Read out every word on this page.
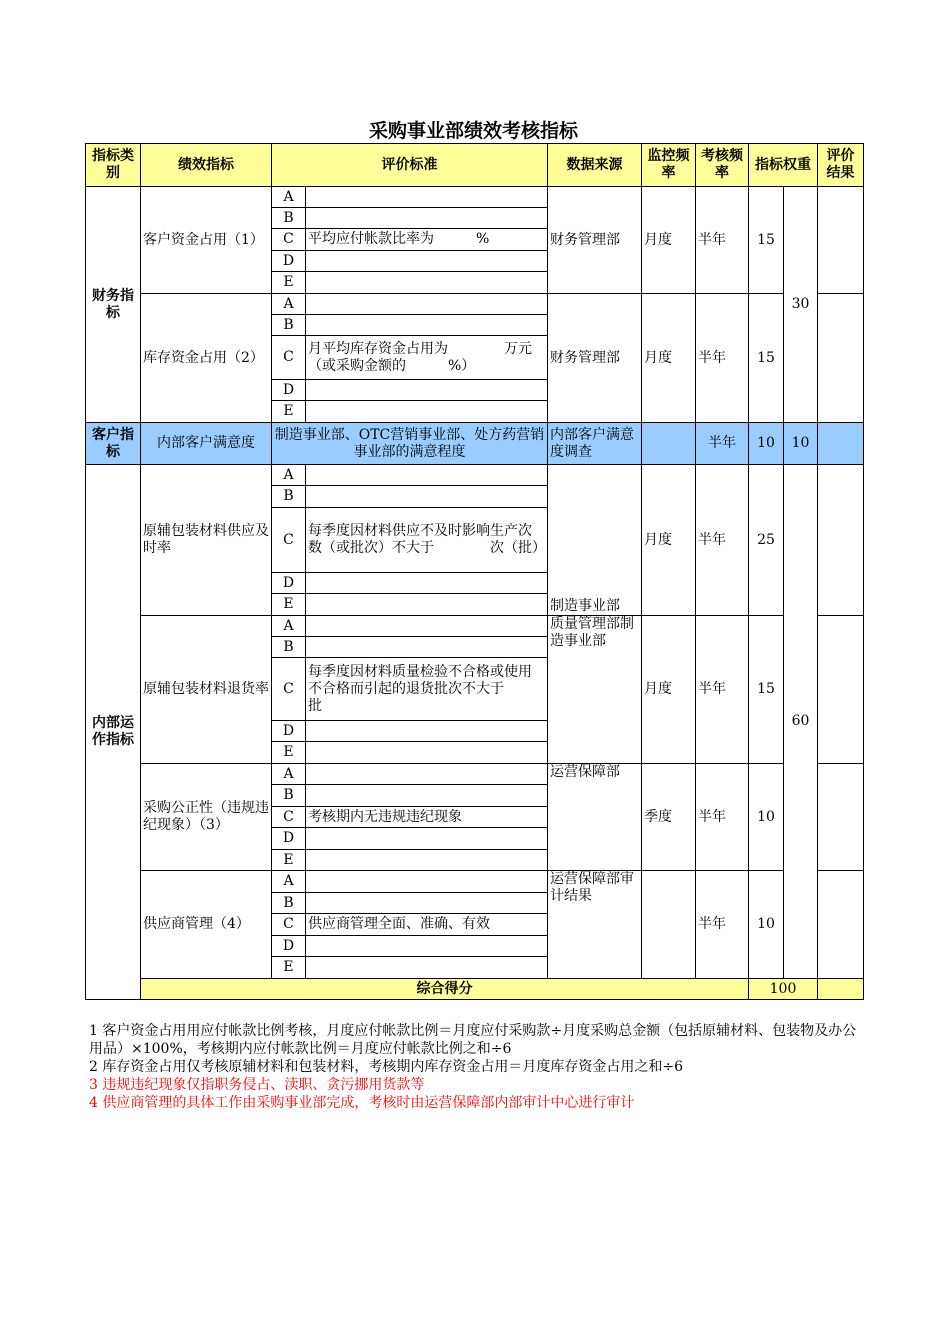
采购事业部绩效考核指标
指标类别	绩效指标	评价标准		数据来源	监控频率	考核频率	指标权重		评价结果
财务指标	客户资金占用（1）	A		财务管理部	月度	半年	15	30	
		B							
		C	平均应付帐款比率为　　　%						
		D							
		E							
	库存资金占用（2）	A		财务管理部	月度	半年	15		
		B							
		C	月平均库存资金占用为　　　　万元（或采购金额的　　　%）						

		D							
		E							
客户指标	内部客户满意度	制造事业部、OTC营销事业部、处方药营销事业部的满意程度		内部客户满意度调查		半年	10	10	
内部运作指标	原辅包装材料供应及时率	A		制造事业部	月度	半年	25	60	
		B							
		C	每季度因材料供应不及时影响生产次数（或批次）不大于　　　　次（批）						

		D							
		E							
	原辅包装材料退货率	A		质量管理部制造事业部	月度	半年	15		
		B							
		C	每季度因材料质量检验不合格或使用不合格而引起的退货批次不大于　　　　批						

		D							
		E							
	采购公正性（违规违纪现象）（3）	A		运营保障部	季度	半年	10		
		B							
		C	考核期内无违规违纪现象						
		D							
		E							
	供应商管理（4）	A		运营保障部审计结果		半年	10		
		B							
		C	供应商管理全面、准确、有效						
		D							
		E							
	综合得分						100		
1 客户资金占用用应付帐款比例考核，月度应付帐款比例＝月度应付采购款÷月度采购总金额（包括原辅材料、包装物及办公用品）×100%，考核期内应付帐款比例＝月度应付帐款比例之和÷6
2 库存资金占用仅考核原辅材料和包装材料，考核期内库存资金占用＝月度库存资金占用之和÷6
3 违规违纪现象仅指职务侵占、渎职、贪污挪用货款等
4 供应商管理的具体工作由采购事业部完成，考核时由运营保障部内部审计中心进行审计
